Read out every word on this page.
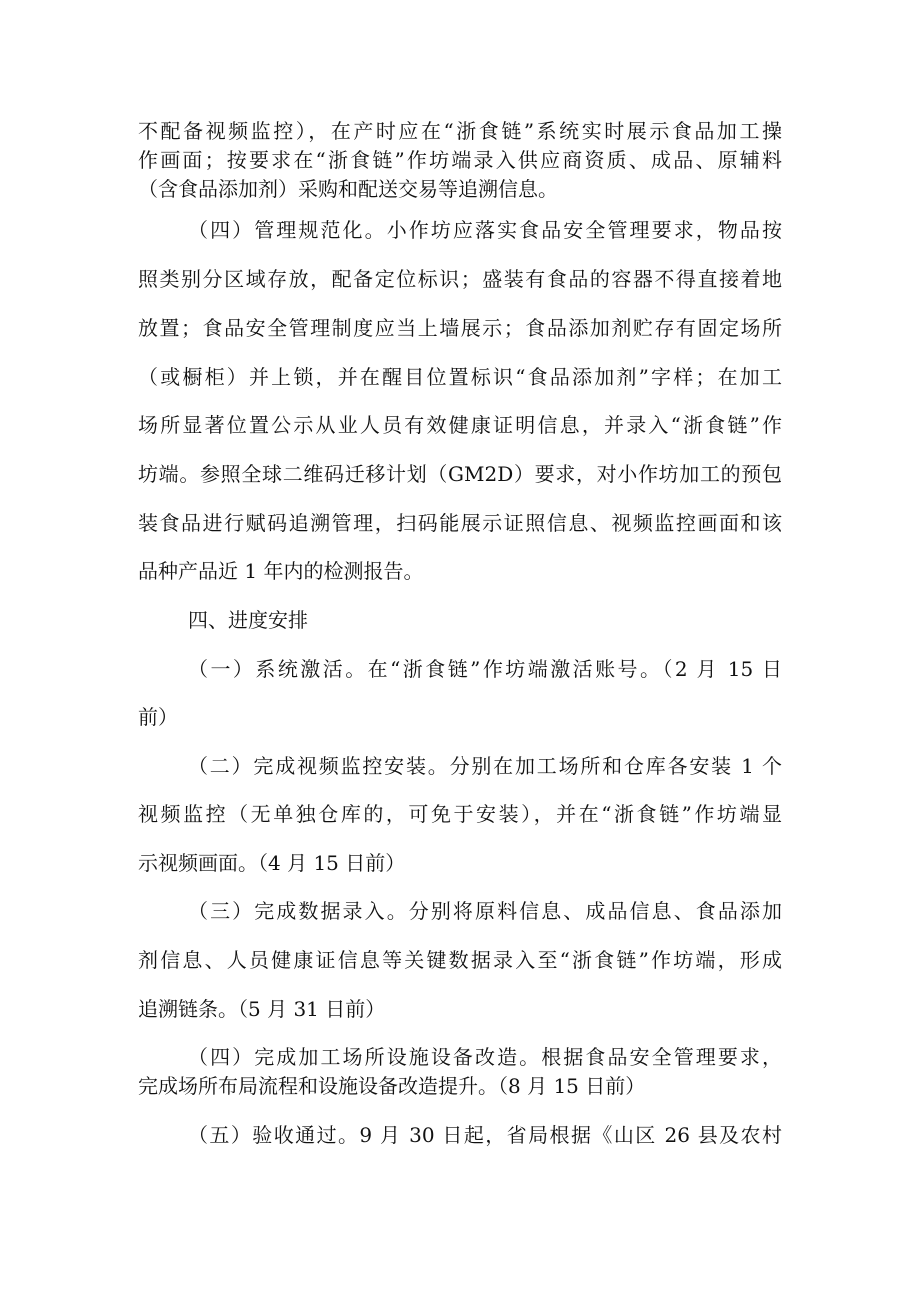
不配备视频监控），在产时应在“浙食链”系统实时展示食品加工操
作画面；按要求在“浙食链”作坊端录入供应商资质、成品、原辅料
（含食品添加剂）采购和配送交易等追溯信息。
（四）管理规范化。小作坊应落实食品安全管理要求，物品按
照类别分区域存放，配备定位标识；盛装有食品的容器不得直接着地
放置；食品安全管理制度应当上墙展示；食品添加剂贮存有固定场所
（或橱柜）并上锁，并在醒目位置标识“食品添加剂”字样；在加工
场所显著位置公示从业人员有效健康证明信息，并录入“浙食链”作
坊端。参照全球二维码迁移计划（GM2D）要求，对小作坊加工的预包
装食品进行赋码追溯管理，扫码能展示证照信息、视频监控画面和该
品种产品近 1 年内的检测报告。
四、进度安排
（一）系统激活。在“浙食链”作坊端激活账号。（2 月 15 日
前）
（二）完成视频监控安装。分别在加工场所和仓库各安装 1 个
视频监控（无单独仓库的，可免于安装），并在“浙食链”作坊端显
示视频画面。（4 月 15 日前）
（三）完成数据录入。分别将原料信息、成品信息、食品添加
剂信息、人员健康证信息等关键数据录入至“浙食链”作坊端，形成
追溯链条。（5 月 31 日前）
（四）完成加工场所设施设备改造。根据食品安全管理要求，
完成场所布局流程和设施设备改造提升。（8 月 15 日前）
（五）验收通过。9 月 30 日起，省局根据《山区 26 县及农村
